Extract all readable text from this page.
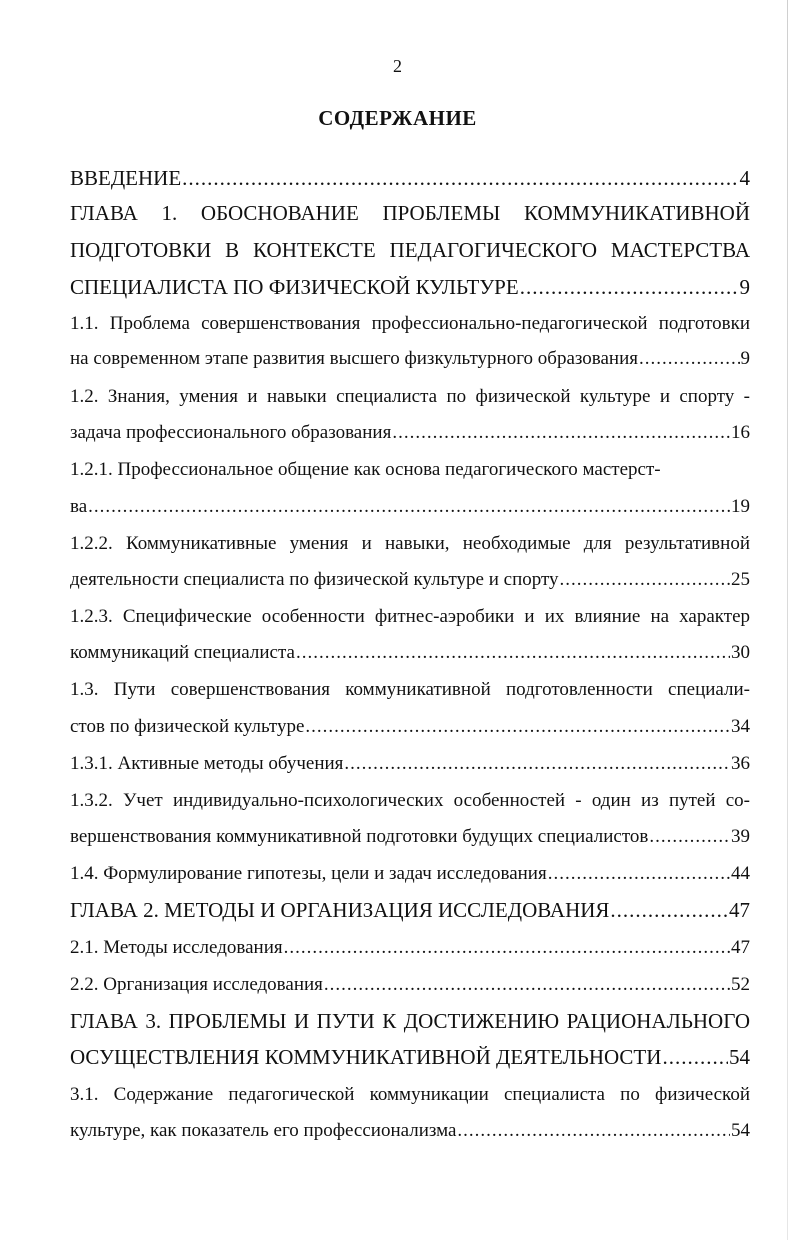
2
СОДЕРЖАНИЕ
ВВЕДЕНИЕ .....	4
ГЛАВА 1. ОБОСНОВАНИЕ ПРОБЛЕМЫ КОММУНИКАТИВНОЙ
ПОДГОТОВКИ В КОНТЕКСТЕ ПЕДАГОГИЧЕСКОГО МАСТЕРСТВА
СПЕЦИАЛИСТА ПО ФИЗИЧЕСКОЙ КУЛЬТУРЕ .....	9
1.1. Проблема совершенствования профессионально-педагогической подготовки
на современном этапе развития высшего физкультурного образования .....	9
1.2. Знания, умения и навыки специалиста по физической культуре и спорту -
задача профессионального образования .....	16
1.2.1. Профессиональное общение как основа педагогического мастерст-
ва .....	19
1.2.2. Коммуникативные умения и навыки, необходимые для результативной
деятельности специалиста по физической культуре и спорту .....	25
1.2.3. Специфические особенности фитнес-аэробики и их влияние на характер
коммуникаций специалиста .....	30
1.3. Пути совершенствования коммуникативной подготовленности специали-
стов по физической культуре .....	34
1.3.1. Активные методы обучения .....	36
1.3.2. Учет индивидуально-психологических особенностей - один из путей со-
вершенствования коммуникативной подготовки будущих специалистов .....	39
1.4. Формулирование гипотезы, цели и задач исследования .....	44
ГЛАВА 2. МЕТОДЫ И ОРГАНИЗАЦИЯ ИССЛЕДОВАНИЯ .....	47
2.1. Методы исследования .....	47
2.2. Организация исследования .....	52
ГЛАВА 3. ПРОБЛЕМЫ И ПУТИ К ДОСТИЖЕНИЮ РАЦИОНАЛЬНОГО
ОСУЩЕСТВЛЕНИЯ КОММУНИКАТИВНОЙ ДЕЯТЕЛЬНОСТИ .....	54
3.1. Содержание педагогической коммуникации специалиста по физической
культуре, как показатель его профессионализма .....	54
